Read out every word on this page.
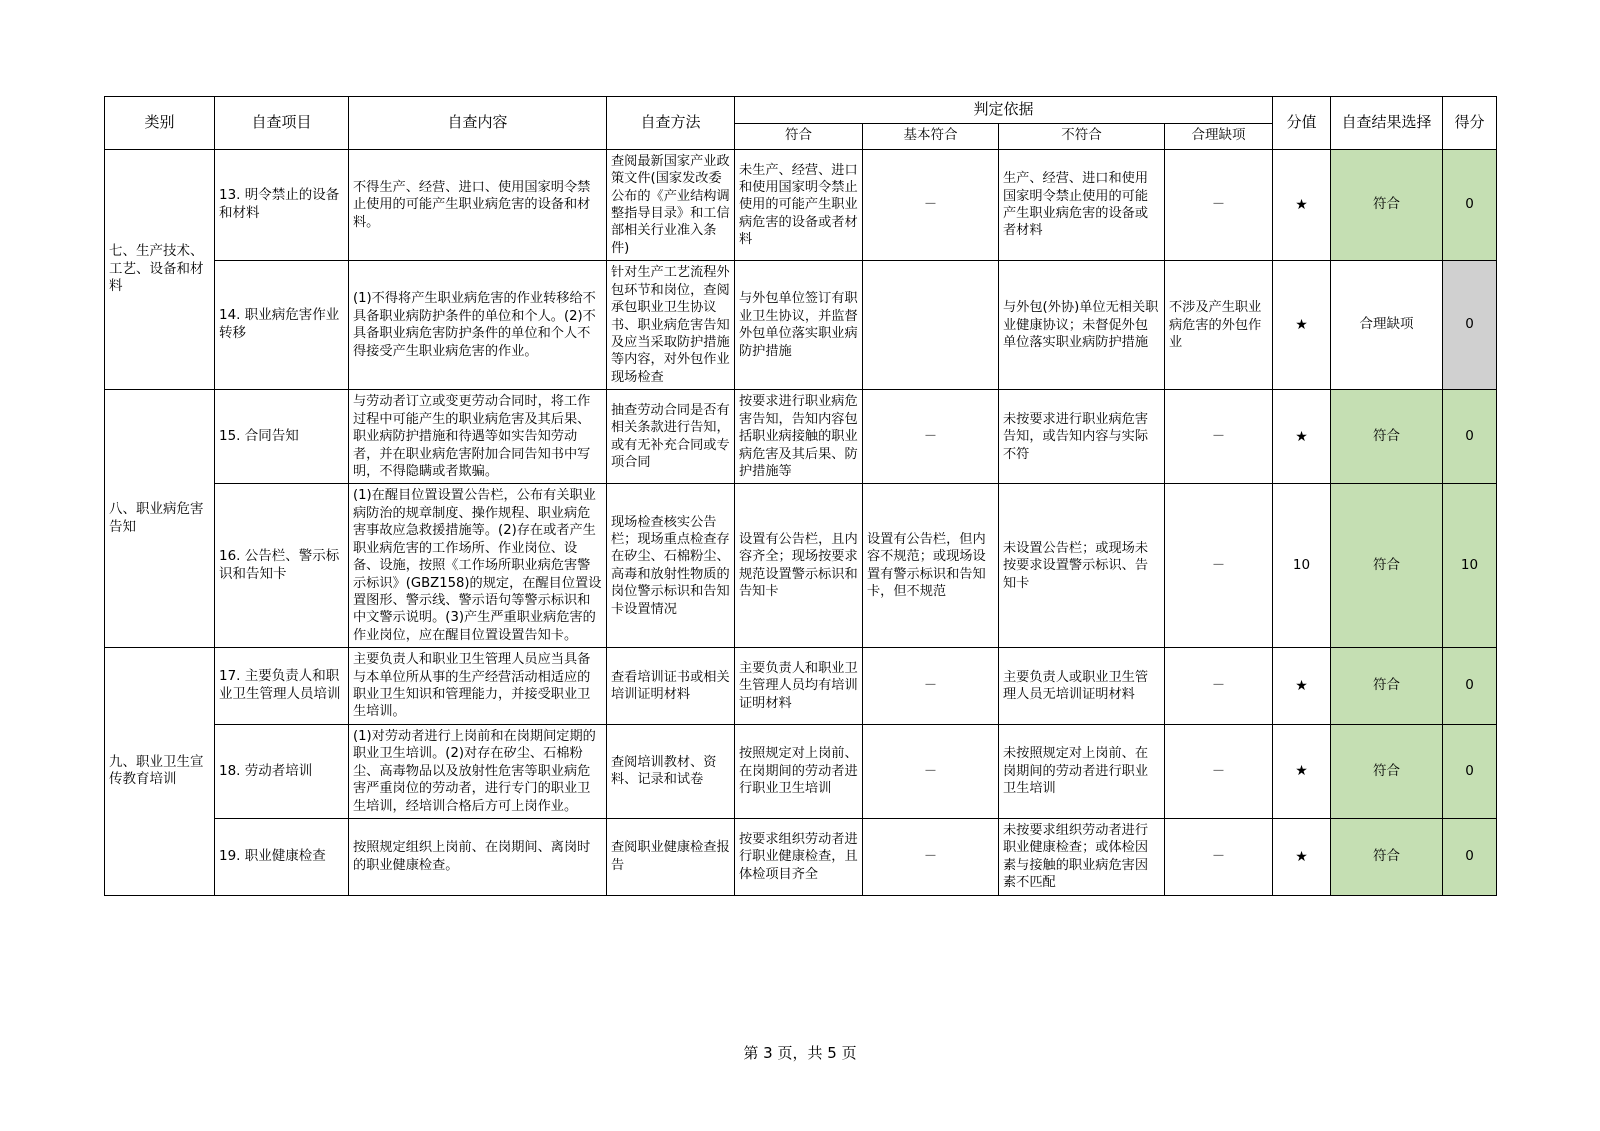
类别	自查项目	自查内容	自查方法	判定依据				分值	自查结果选择	得分
				符合	基本符合	不符合	合理缺项			
七、生产技术、工艺、设备和材料	13. 明令禁止的设备和材料	不得生产、经营、进口、使用国家明令禁止使用的可能产生职业病危害的设备和材料。	查阅最新国家产业政策文件(国家发改委公布的《产业结构调整指导目录》和工信部相关行业准入条件)	未生产、经营、进口和使用国家明令禁止使用的可能产生职业病危害的设备或者材料	－	生产、经营、进口和使用国家明令禁止使用的可能产生职业病危害的设备或者材料	－	★	符合	0
	14. 职业病危害作业转移	(1)不得将产生职业病危害的作业转移给不具备职业病防护条件的单位和个人。(2)不具备职业病危害防护条件的单位和个人不得接受产生职业病危害的作业。	针对生产工艺流程外包环节和岗位，查阅承包职业卫生协议书、职业病危害告知及应当采取防护措施等内容，对外包作业现场检查	与外包单位签订有职业卫生协议，并监督外包单位落实职业病防护措施		与外包(外协)单位无相关职业健康协议；未督促外包单位落实职业病防护措施	不涉及产生职业病危害的外包作业	★	合理缺项	0
八、职业病危害告知	15. 合同告知	与劳动者订立或变更劳动合同时，将工作过程中可能产生的职业病危害及其后果、职业病防护措施和待遇等如实告知劳动者，并在职业病危害附加合同告知书中写明，不得隐瞒或者欺骗。	抽查劳动合同是否有相关条款进行告知，或有无补充合同或专项合同	按要求进行职业病危害告知，告知内容包括职业病接触的职业病危害及其后果、防护措施等	－	未按要求进行职业病危害告知，或告知内容与实际不符	－	★	符合	0
	16. 公告栏、警示标识和告知卡	(1)在醒目位置设置公告栏，公布有关职业病防治的规章制度、操作规程、职业病危害事故应急救援措施等。(2)存在或者产生职业病危害的工作场所、作业岗位、设备、设施，按照《工作场所职业病危害警示标识》(GBZ158)的规定，在醒目位置设置图形、警示线、警示语句等警示标识和中文警示说明。(3)产生严重职业病危害的作业岗位，应在醒目位置设置告知卡。	现场检查核实公告栏；现场重点检查存在矽尘、石棉粉尘、高毒和放射性物质的岗位警示标识和告知卡设置情况	设置有公告栏，且内容齐全；现场按要求规范设置警示标识和告知卡	设置有公告栏，但内容不规范；或现场设置有警示标识和告知卡，但不规范	未设置公告栏；或现场未按要求设置警示标识、告知卡	－	10	符合	10
九、职业卫生宣传教育培训	17. 主要负责人和职业卫生管理人员培训	主要负责人和职业卫生管理人员应当具备与本单位所从事的生产经营活动相适应的职业卫生知识和管理能力，并接受职业卫生培训。	查看培训证书或相关培训证明材料	主要负责人和职业卫生管理人员均有培训证明材料	－	主要负责人或职业卫生管理人员无培训证明材料	－	★	符合	0
	18. 劳动者培训	(1)对劳动者进行上岗前和在岗期间定期的职业卫生培训。(2)对存在矽尘、石棉粉尘、高毒物品以及放射性危害等职业病危害严重岗位的劳动者，进行专门的职业卫生培训，经培训合格后方可上岗作业。	查阅培训教材、资料、记录和试卷	按照规定对上岗前、在岗期间的劳动者进行职业卫生培训	－	未按照规定对上岗前、在岗期间的劳动者进行职业卫生培训	－	★	符合	0
	19. 职业健康检查	按照规定组织上岗前、在岗期间、离岗时的职业健康检查。	查阅职业健康检查报告	按要求组织劳动者进行职业健康检查，且体检项目齐全	－	未按要求组织劳动者进行职业健康检查；或体检因素与接触的职业病危害因素不匹配	－	★	符合	0
第 3 页，共 5 页
